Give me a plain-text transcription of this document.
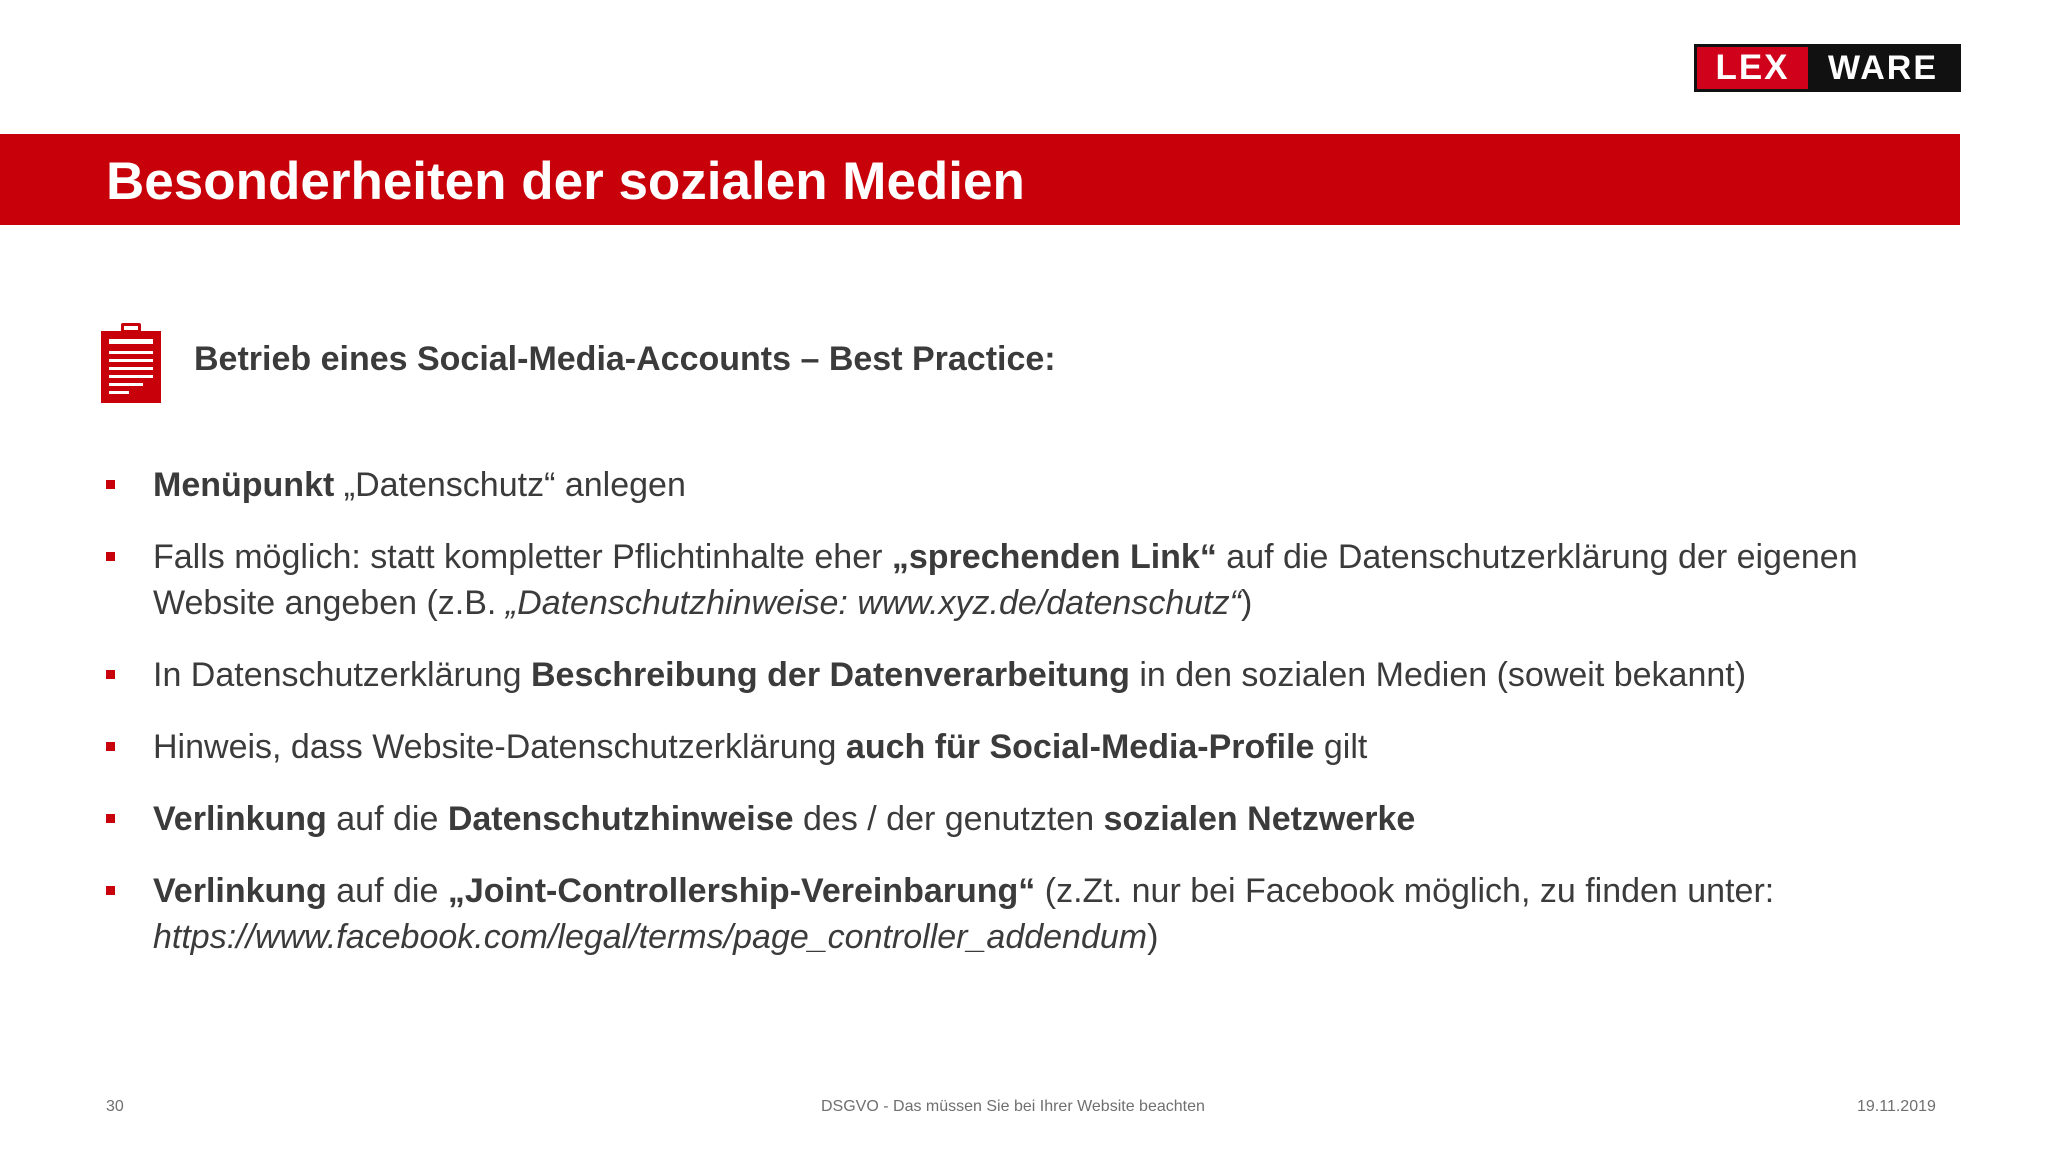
LEX	WARE
Besonderheiten der sozialen Medien
Betrieb eines Social-Media-Accounts – Best Practice:
Menüpunkt „Datenschutz“ anlegen
Falls möglich: statt kompletter Pflichtinhalte eher „sprechenden Link“ auf die Datenschutzerklärung der eigenen Website angeben (z.B. „Datenschutzhinweise: www.xyz.de/datenschutz“)
In Datenschutzerklärung Beschreibung der Datenverarbeitung in den sozialen Medien (soweit bekannt)
Hinweis, dass Website-Datenschutzerklärung auch für Social-Media-Profile gilt
Verlinkung auf die Datenschutzhinweise des / der genutzten sozialen Netzwerke
Verlinkung auf die „Joint-Controllership-Vereinbarung“ (z.Zt. nur bei Facebook möglich, zu finden unter: https://www.facebook.com/legal/terms/page_controller_addendum)
30	DSGVO - Das müssen Sie bei Ihrer Website beachten	19.11.2019
